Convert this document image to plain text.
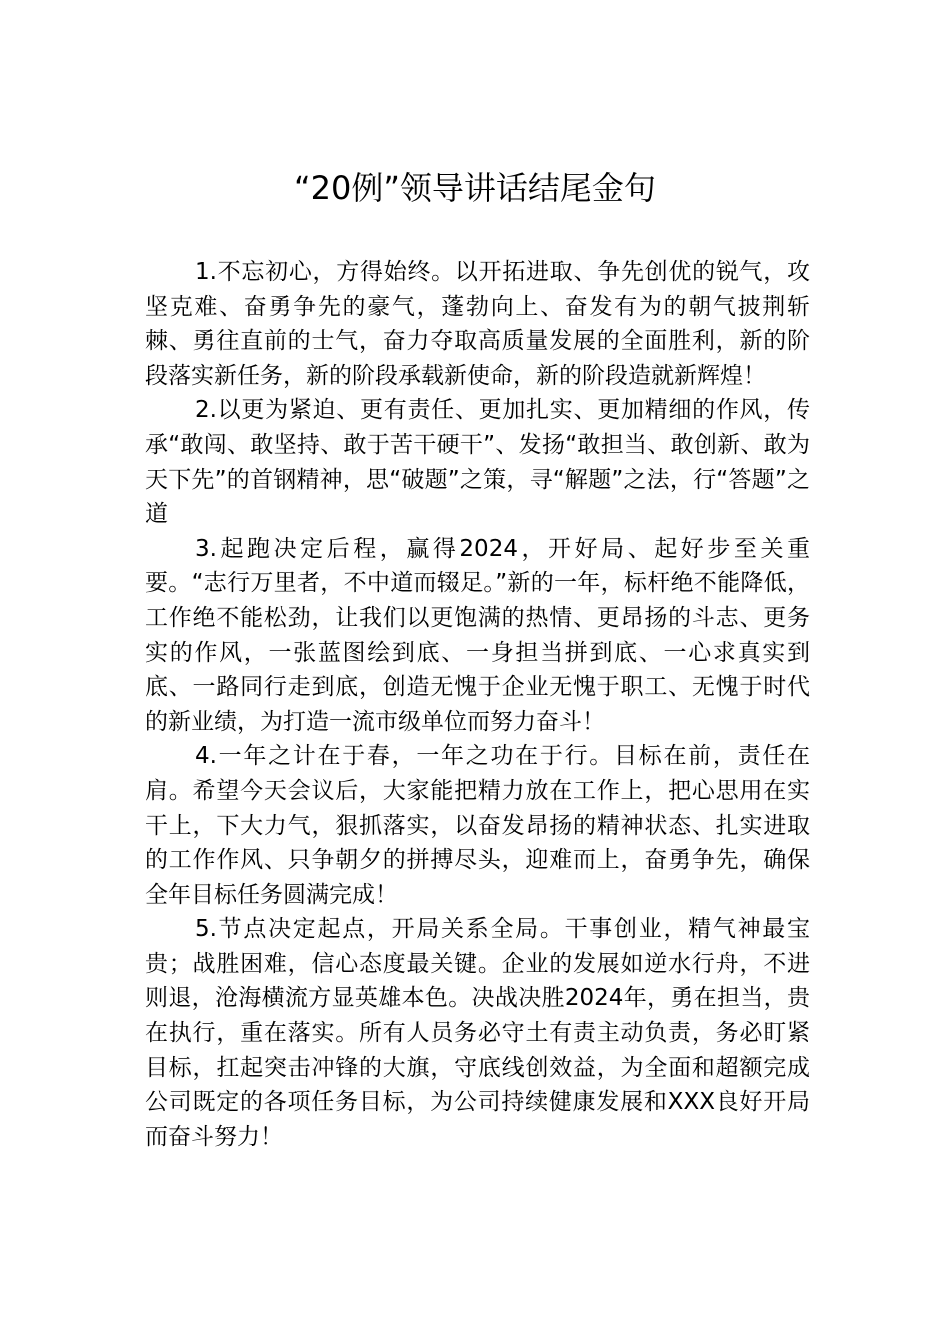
“20例”领导讲话结尾金句

1.不忘初心，方得始终。以开拓进取、争先创优的锐气，攻坚克难、奋勇争先的豪气，蓬勃向上、奋发有为的朝气披荆斩棘、勇往直前的士气，奋力夺取高质量发展的全面胜利，新的阶段落实新任务，新的阶段承载新使命，新的阶段造就新辉煌！

2.以更为紧迫、更有责任、更加扎实、更加精细的作风，传承“敢闯、敢坚持、敢于苦干硬干”、发扬“敢担当、敢创新、敢为天下先”的首钢精神，思“破题”之策，寻“解题”之法，行“答题”之道

3.起跑决定后程，赢得2024，开好局、起好步至关重要。“志行万里者，不中道而辍足。”新的一年，标杆绝不能降低，工作绝不能松劲，让我们以更饱满的热情、更昂扬的斗志、更务实的作风，一张蓝图绘到底、一身担当拼到底、一心求真实到底、一路同行走到底，创造无愧于企业无愧于职工、无愧于时代的新业绩，为打造一流市级单位而努力奋斗！

4.一年之计在于春，一年之功在于行。目标在前，责任在肩。希望今天会议后，大家能把精力放在工作上，把心思用在实干上，下大力气，狠抓落实，以奋发昂扬的精神状态、扎实进取的工作作风、只争朝夕的拼搏尽头，迎难而上，奋勇争先，确保全年目标任务圆满完成！

5.节点决定起点，开局关系全局。干事创业，精气神最宝贵；战胜困难，信心态度最关键。企业的发展如逆水行舟，不进则退，沧海横流方显英雄本色。决战决胜2024年，勇在担当，贵在执行，重在落实。所有人员务必守土有责主动负责，务必盯紧目标，扛起突击冲锋的大旗，守底线创效益，为全面和超额完成公司既定的各项任务目标，为公司持续健康发展和XXX良好开局而奋斗努力！
